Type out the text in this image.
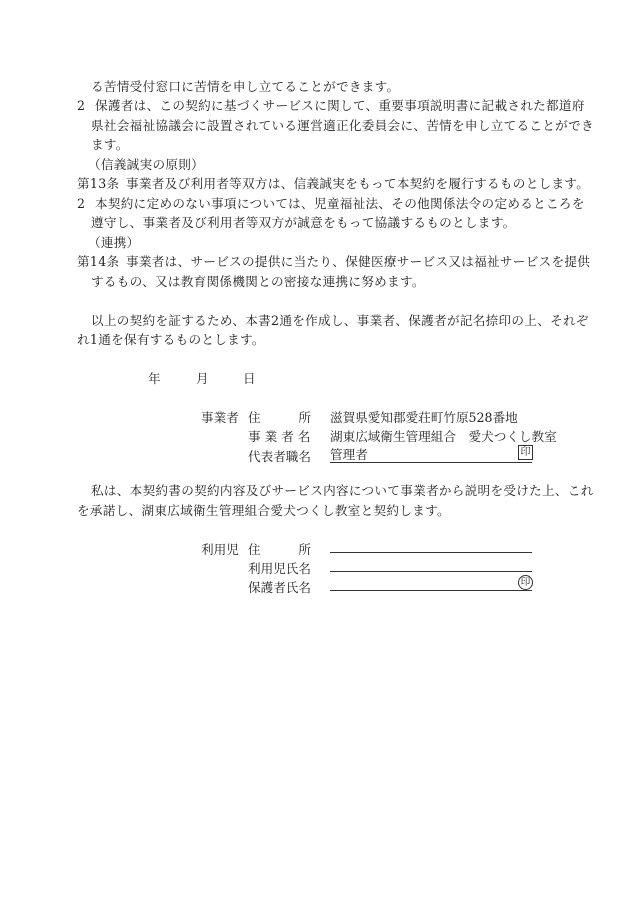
る苦情受付窓口に苦情を申し立てることができます。
2 保護者は、この契約に基づくサービスに関して、重要事項説明書に記載された都道府
県社会福祉協議会に設置されている運営適正化委員会に、苦情を申し立てることができ
ます。
（信義誠実の原則）
第13条 事業者及び利用者等双方は、信義誠実をもって本契約を履行するものとします。
2 本契約に定めのない事項については、児童福祉法、その他関係法令の定めるところを
遵守し、事業者及び利用者等双方が誠意をもって協議するものとします。
（連携）
第14条 事業者は、サービスの提供に当たり、保健医療サービス又は福祉サービスを提供
するもの、又は教育関係機関との密接な連携に努めます。
以上の契約を証するため、本書2通を作成し、事業者、保護者が記名捺印の上、それぞ
れ1通を保有するものとします。
年	月	日
事業者 住　　　所 滋賀県愛知郡愛荘町竹原528番地
事 業 者 名 湖東広域衛生管理組合　愛犬つくし教室
代表者職名 管理者	印
私は、本契約書の契約内容及びサービス内容について事業者から説明を受けた上、これ
を承諾し、湖東広域衛生管理組合愛犬つくし教室と契約します。
利用児 住　　　所
利用児氏名
保護者氏名	印
